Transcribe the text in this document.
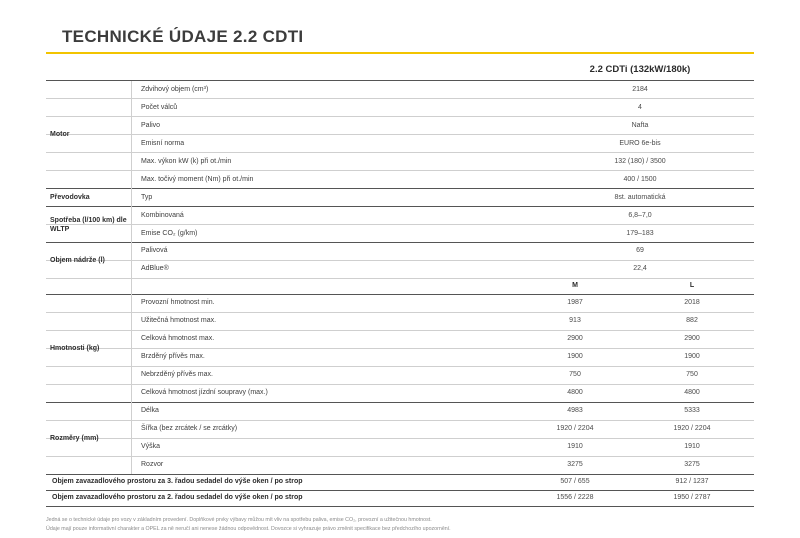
TECHNICKÉ ÚDAJE 2.2 CDTI
2.2 CDTi (132kW/180k)
Motor
Zdvihový objem (cm³)	2184
Počet válců	4
Palivo	Nafta
Emisní norma	EURO 6e-bis
Max. výkon kW (k) při ot./min	132 (180) / 3500
Max. točivý moment (Nm) při ot./min	400 / 1500
Převodovka	Typ	8st. automatická
Spotřeba (l/100 km) dle WLTP
Kombinovaná	6,8–7,0
Emise CO₂ (g/km)	179–183
Objem nádrže (l)
Palivová	69
AdBlue®	22,4
M	L
Hmotnosti (kg)
Provozní hmotnost min.	1987	2018
Užitečná hmotnost max.	913	882
Celková hmotnost max.	2900	2900
Brzděný přívěs max.	1900	1900
Nebrzděný přívěs max.	750	750
Celková hmotnost jízdní soupravy (max.)	4800	4800
Rozměry (mm)
Délka	4983	5333
Šířka (bez zrcátek / se zrcátky)	1920 / 2204	1920 / 2204
Výška	1910	1910
Rozvor	3275	3275
Objem zavazadlového prostoru za 3. řadou sedadel do výše oken / po strop	507 / 655	912 / 1237
Objem zavazadlového prostoru za 2. řadou sedadel do výše oken / po strop	1556 / 2228	1950 / 2787
Jedná se o technické údaje pro vozy v základním provedení. Doplňkové prvky výbavy můžou mít vliv na spotřebu paliva, emise CO₂, provozní a užitečnou hmotnost.
Údaje mají pouze informativní charakter a OPEL za ně neručí ani nenese žádnou odpovědnost. Dovozce si vyhrazuje právo změnit specifikace bez předchozího upozornění.
